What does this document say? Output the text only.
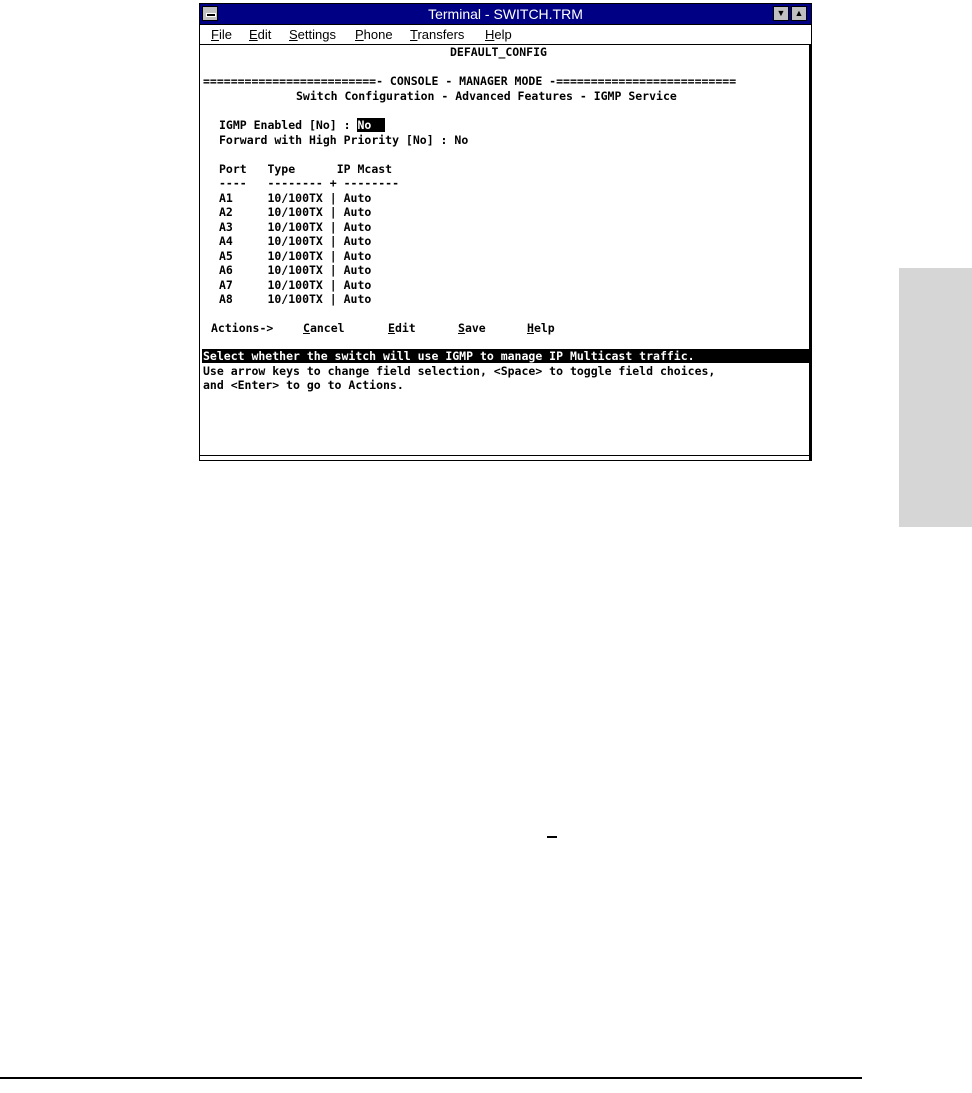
Terminal - SWITCH.TRM	▼	▲
File Edit Settings Phone Transfers Help
DEFAULT_CONFIG
=========================- CONSOLE - MANAGER MODE -==========================
Switch Configuration - Advanced Features - IGMP Service
IGMP Enabled [No] : No
Forward with High Priority [No] : No
Port   Type      IP Mcast
----   -------- + --------
A1     10/100TX | Auto
A2     10/100TX | Auto
A3     10/100TX | Auto
A4     10/100TX | Auto
A5     10/100TX | Auto
A6     10/100TX | Auto
A7     10/100TX | Auto
A8     10/100TX | Auto
Actions->	Cancel	Edit	Save	Help
Select whether the switch will use IGMP to manage IP Multicast traffic.
Use arrow keys to change field selection, <Space> to toggle field choices,
and <Enter> to go to Actions.
